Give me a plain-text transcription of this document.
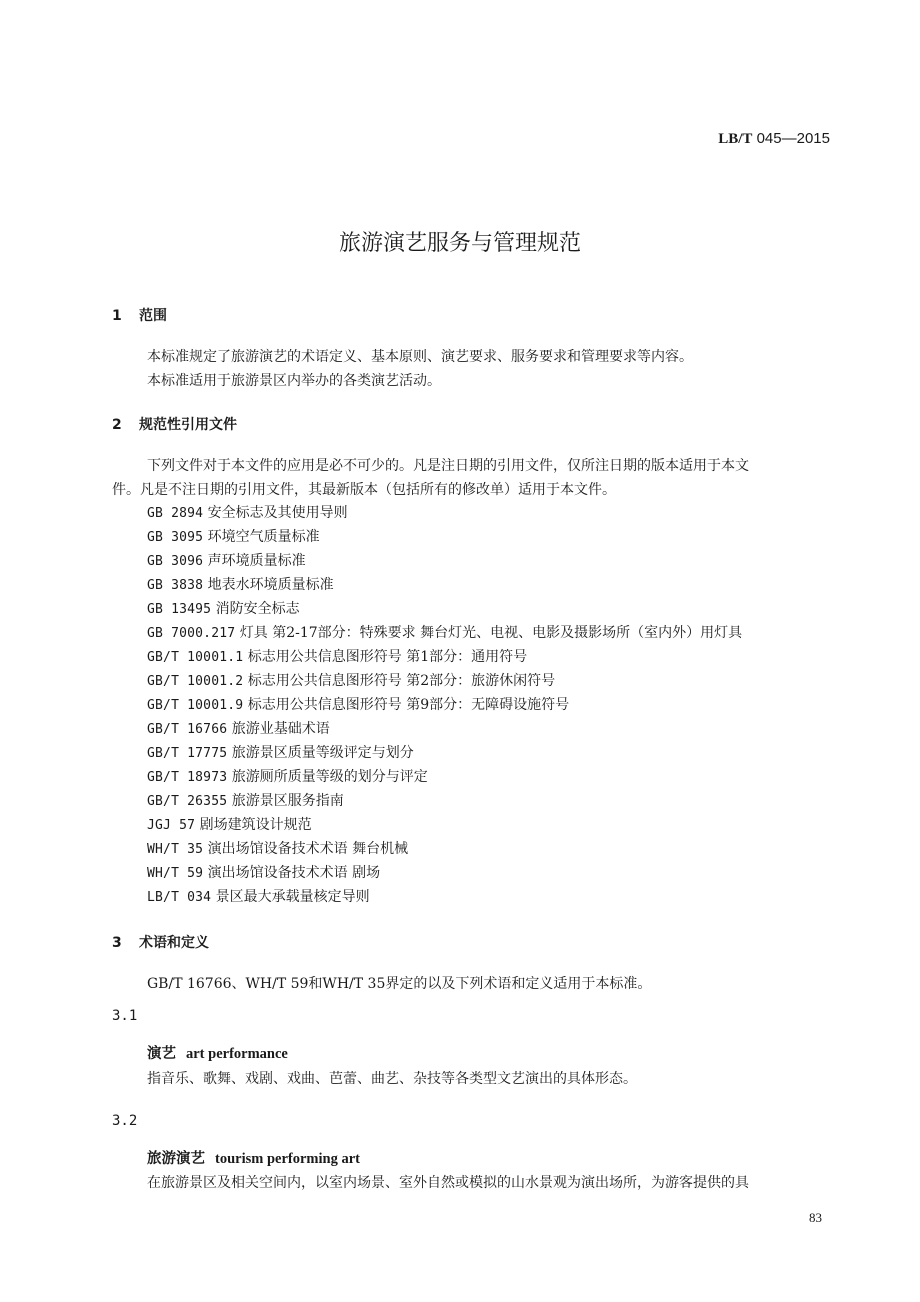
LB/T 045—2015
旅游演艺服务与管理规范
1 范围
本标准规定了旅游演艺的术语定义、基本原则、演艺要求、服务要求和管理要求等内容。
本标准适用于旅游景区内举办的各类演艺活动。
2 规范性引用文件
下列文件对于本文件的应用是必不可少的。凡是注日期的引用文件，仅所注日期的版本适用于本文
件。凡是不注日期的引用文件，其最新版本（包括所有的修改单）适用于本文件。
GB 2894 安全标志及其使用导则
GB 3095 环境空气质量标准
GB 3096 声环境质量标准
GB 3838 地表水环境质量标准
GB 13495 消防安全标志
GB 7000.217 灯具 第2-17部分：特殊要求 舞台灯光、电视、电影及摄影场所（室内外）用灯具
GB/T 10001.1 标志用公共信息图形符号 第1部分：通用符号
GB/T 10001.2 标志用公共信息图形符号 第2部分：旅游休闲符号
GB/T 10001.9 标志用公共信息图形符号 第9部分：无障碍设施符号
GB/T 16766 旅游业基础术语
GB/T 17775 旅游景区质量等级评定与划分
GB/T 18973 旅游厕所质量等级的划分与评定
GB/T 26355 旅游景区服务指南
JGJ 57 剧场建筑设计规范
WH/T 35 演出场馆设备技术术语 舞台机械
WH/T 59 演出场馆设备技术术语 剧场
LB/T 034 景区最大承载量核定导则
3 术语和定义
GB/T 16766、WH/T 59和WH/T 35界定的以及下列术语和定义适用于本标准。
3.1
演艺 art performance
指音乐、歌舞、戏剧、戏曲、芭蕾、曲艺、杂技等各类型文艺演出的具体形态。
3.2
旅游演艺 tourism performing art
在旅游景区及相关空间内，以室内场景、室外自然或模拟的山水景观为演出场所，为游客提供的具
83
